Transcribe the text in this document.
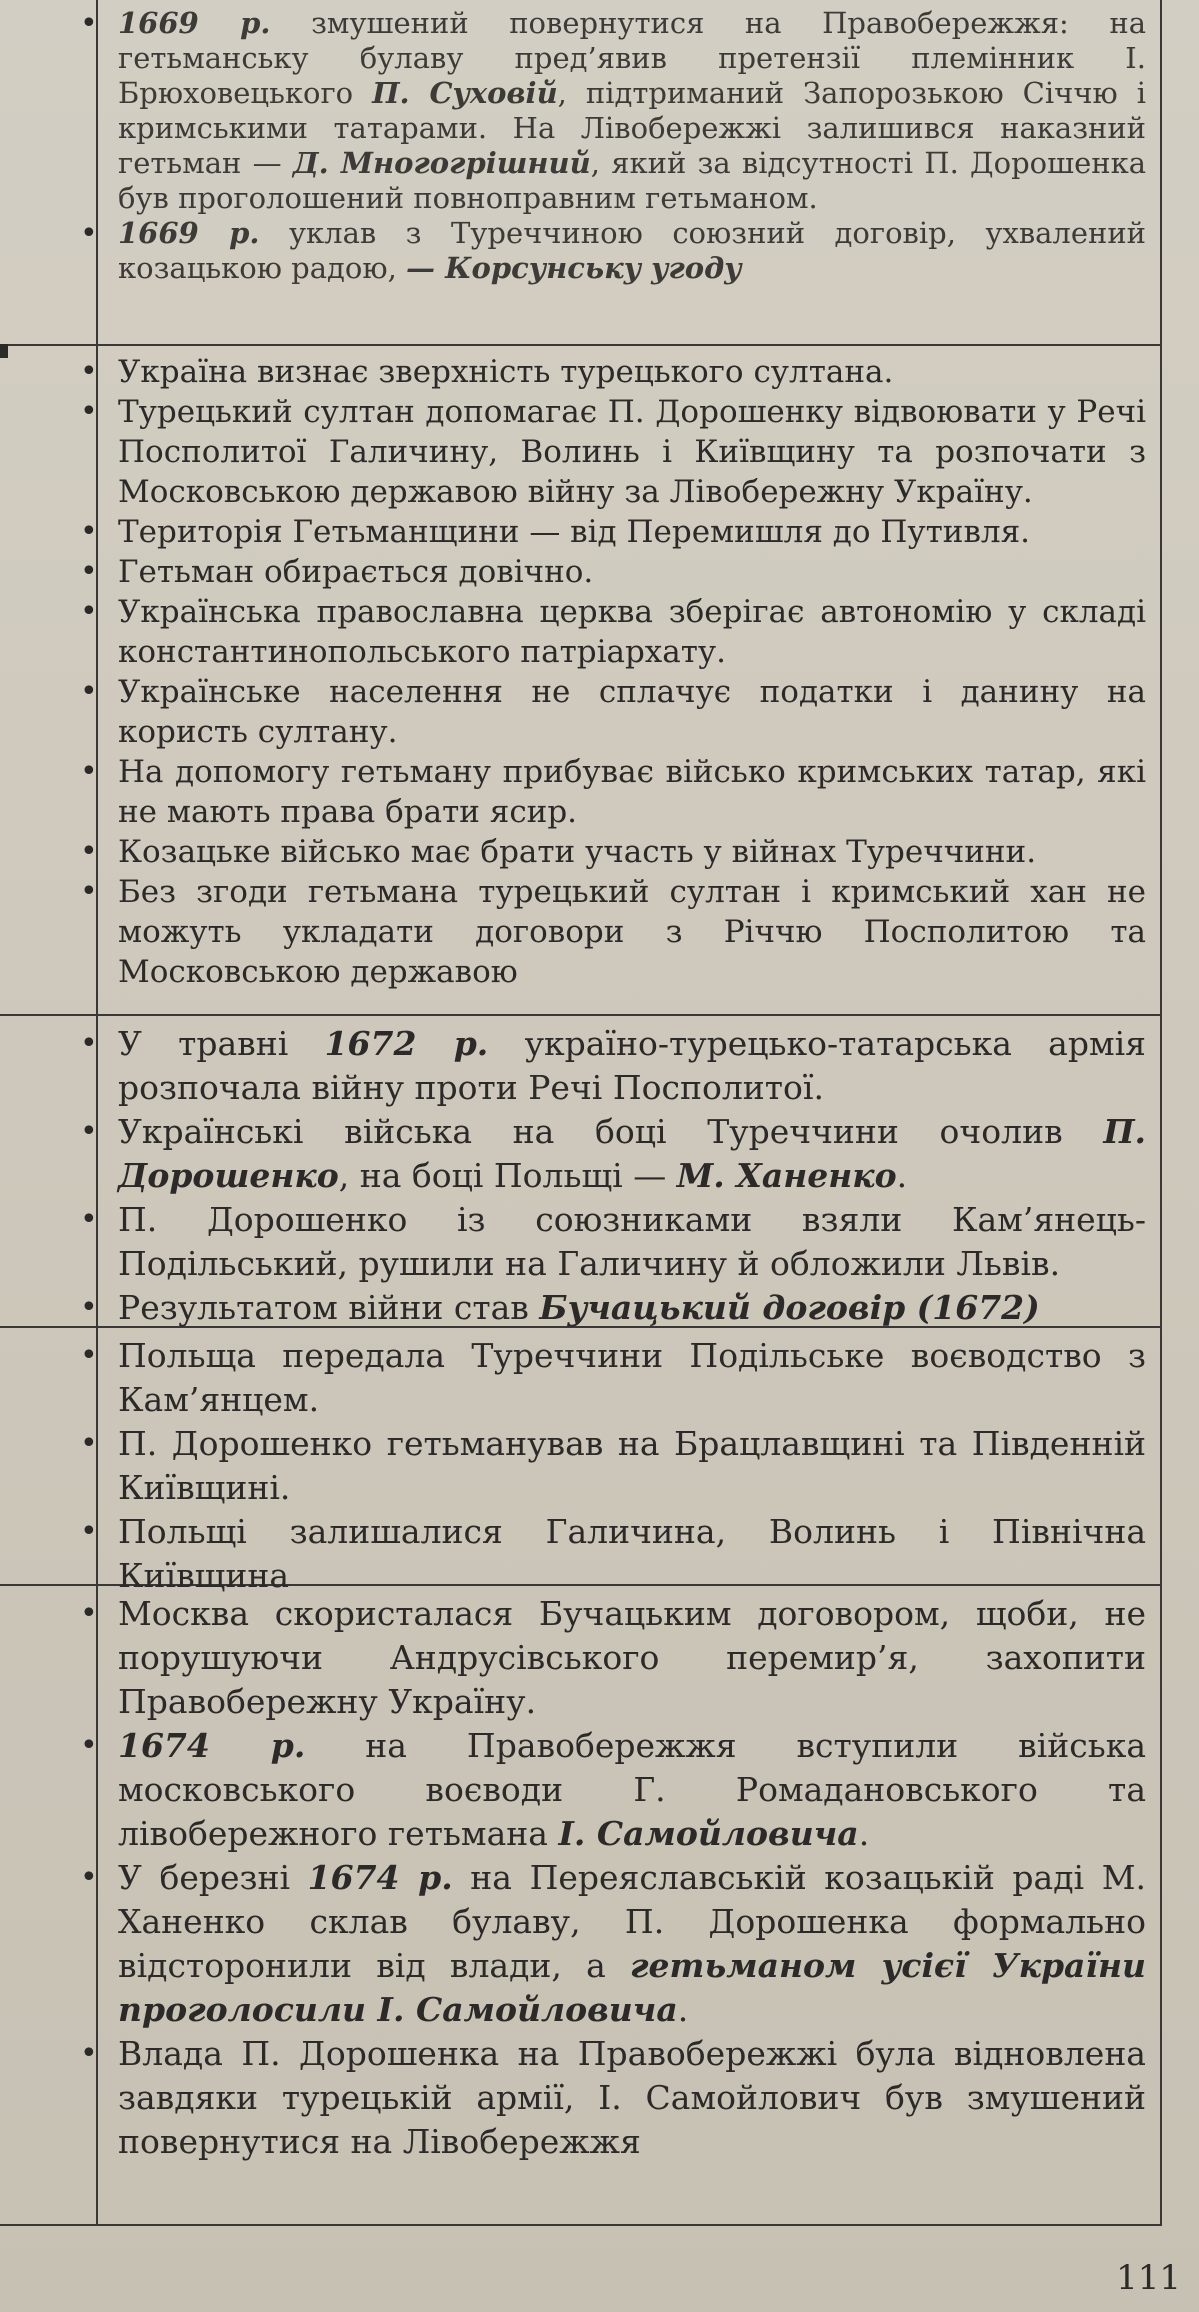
• 1669 р. змушений повернутися на Правобережжя: на гетьманську булаву пред’явив претензії племінник І. Брюховецького П. Суховій, підтриманий Запорозькою Січчю і кримськими татарами. На Лівобережжі залишився наказний гетьман — Д. Многогрішний, який за відсутності П. Дорошенка був проголошений повноправним гетьманом.
• 1669 р. уклав з Туреччиною союзний договір, ухвалений козацькою радою, — Корсунську угоду
• Україна визнає зверхність турецького султана.
• Турецький султан допомагає П. Дорошенку відвоювати у Речі Посполитої Галичину, Волинь і Київщину та розпочати з Московською державою війну за Лівобережну Україну.
• Територія Гетьманщини — від Перемишля до Путивля.
• Гетьман обирається довічно.
• Українська православна церква зберігає автономію у складі константинопольського патріархату.
• Українське населення не сплачує податки і данину на користь султану.
• На допомогу гетьману прибуває військо кримських татар, які не мають права брати ясир.
• Козацьке військо має брати участь у війнах Туреччини.
• Без згоди гетьмана турецький султан і кримський хан не можуть укладати договори з Річчю Посполитою та Московською державою
• У травні 1672 р. україно-турецько-татарська армія розпочала війну проти Речі Посполитої.
• Українські війська на боці Туреччини очолив П. Дорошенко, на боці Польщі — М. Ханенко.
• П. Дорошенко із союзниками взяли Кам’янець-Подільський, рушили на Галичину й обложили Львів.
• Результатом війни став Бучацький договір (1672)
• Польща передала Туреччини Подільське воєводство з Кам’янцем.
• П. Дорошенко гетьманував на Брацлавщині та Південній Київщині.
• Польщі залишалися Галичина, Волинь і Північна Київщина
• Москва скористалася Бучацьким договором, щоби, не порушуючи Андрусівського перемир’я, захопити Правобережну Україну.
• 1674 р. на Правобережжя вступили війська московського воєводи Г. Ромадановського та лівобережного гетьмана І. Самойловича.
• У березні 1674 р. на Переяславській козацькій раді М. Ханенко склав булаву, П. Дорошенка формально відсторонили від влади, а гетьманом усієї України проголосили І. Самойловича.
• Влада П. Дорошенка на Правобережжі була відновлена завдяки турецькій армії, І. Самойлович був змушений повернутися на Лівобережжя
111
